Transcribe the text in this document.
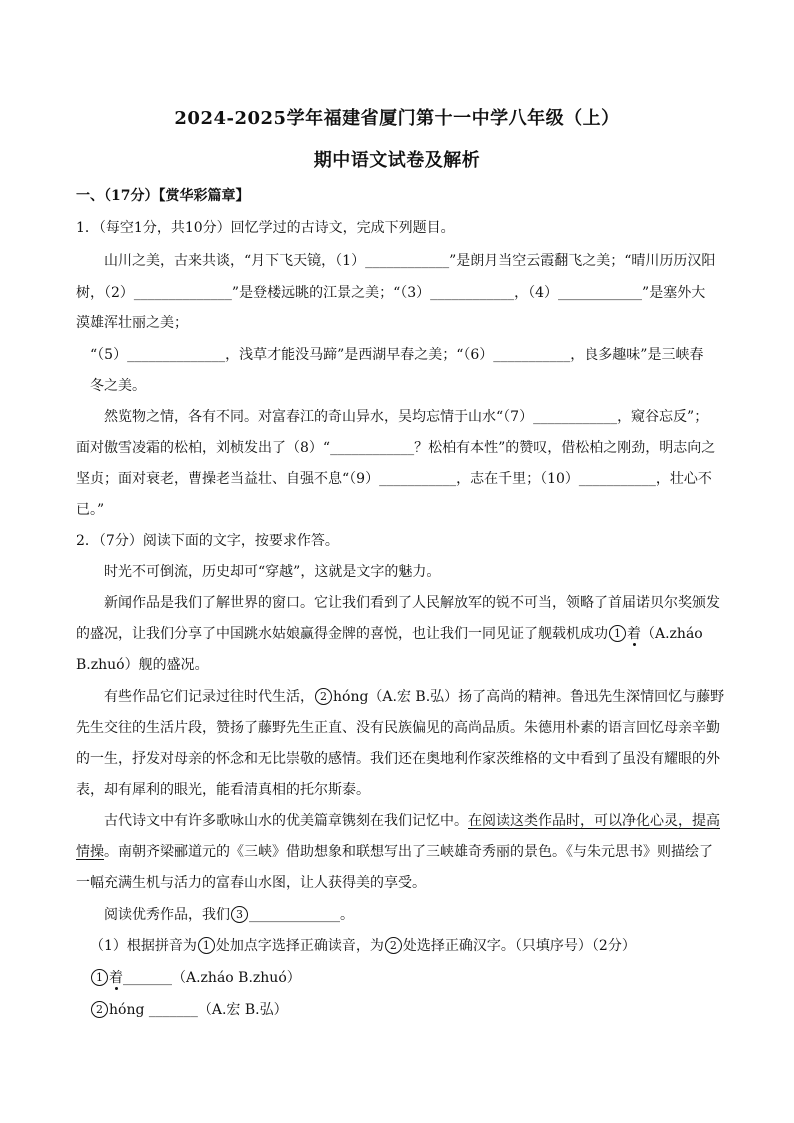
2024-2025学年福建省厦门第十一中学八年级（上）
期中语文试卷及解析
一、（17分）【赏华彩篇章】
1．（每空1分，共10分）回忆学过的古诗文，完成下列题目。
山川之美，古来共谈，“月下飞天镜，（1）____________”是朗月当空云霞翻飞之美；“晴川历历汉阳
树，（2）______________”是登楼远眺的江景之美；“（3）____________，（4）____________”是塞外大
漠雄浑壮丽之美；
“（5）______________，浅草才能没马蹄”是西湖早春之美；“（6）___________，良多趣味”是三峡春
冬之美。
然览物之情，各有不同。对富春江的奇山异水，吴均忘情于山水“（7）____________，窥谷忘反”；
面对傲雪凌霜的松柏，刘桢发出了（8）“____________？松柏有本性”的赞叹，借松柏之刚劲，明志向之
坚贞；面对衰老，曹操老当益壮、自强不息“（9）___________，志在千里；（10）___________，壮心不
已。”
2．（7分）阅读下面的文字，按要求作答。
时光不可倒流，历史却可“穿越”，这就是文字的魅力。
新闻作品是我们了解世界的窗口。它让我们看到了人民解放军的锐不可当，领略了首届诺贝尔奖颁发
的盛况，让我们分享了中国跳水姑娘赢得金牌的喜悦，也让我们一同见证了舰载机成功 1 着（A.zháo
B.zhuó）舰的盛况。
有些作品它们记录过往时代生活， 2 hóng（A.宏 B.弘）扬了高尚的精神。鲁迅先生深情回忆与藤野
先生交往的生活片段，赞扬了藤野先生正直、没有民族偏见的高尚品质。朱德用朴素的语言回忆母亲辛勤
的一生，抒发对母亲的怀念和无比崇敬的感情。我们还在奥地利作家茨维格的文中看到了虽没有耀眼的外
表，却有犀利的眼光，能看清真相的托尔斯泰。
古代诗文中有许多歌咏山水的优美篇章镌刻在我们记忆中。在阅读这类作品时，可以净化心灵，提高
情操。南朝齐梁郦道元的《三峡》借助想象和联想写出了三峡雄奇秀丽的景色。《与朱元思书》则描绘了
一幅充满生机与活力的富春山水图，让人获得美的享受。
阅读优秀作品，我们 3 _____________。
（1）根据拼音为 1 处加点字选择正确读音，为 2 处选择正确汉字。（只填序号）（2分）
1 着_______（A.zháo B.zhuó）
2 hóng _______（A.宏 B.弘）
